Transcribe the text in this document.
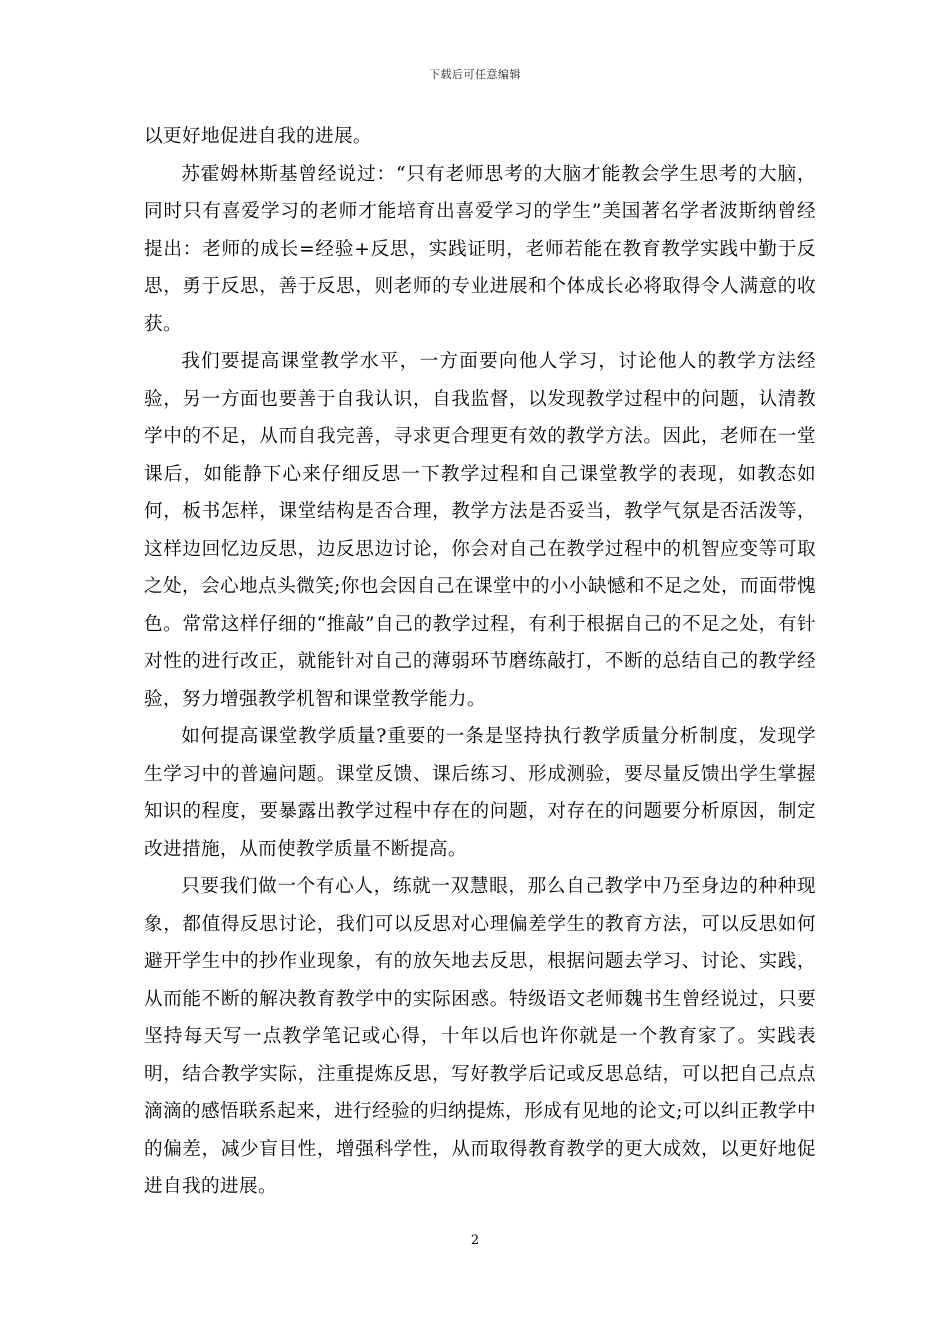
下载后可任意编辑

以更好地促进自我的进展。

苏霍姆林斯基曾经说过：“只有老师思考的大脑才能教会学生思考的大脑，同时只有喜爱学习的老师才能培育出喜爱学习的学生”美国著名学者波斯纳曾经提出：老师的成长=经验+反思，实践证明，老师若能在教育教学实践中勤于反思，勇于反思，善于反思，则老师的专业进展和个体成长必将取得令人满意的收获。

我们要提高课堂教学水平，一方面要向他人学习，讨论他人的教学方法经验，另一方面也要善于自我认识，自我监督，以发现教学过程中的问题，认清教学中的不足，从而自我完善，寻求更合理更有效的教学方法。因此，老师在一堂课后，如能静下心来仔细反思一下教学过程和自己课堂教学的表现，如教态如何，板书怎样，课堂结构是否合理，教学方法是否妥当，教学气氛是否活泼等，这样边回忆边反思，边反思边讨论，你会对自己在教学过程中的机智应变等可取之处，会心地点头微笑;你也会因自己在课堂中的小小缺憾和不足之处，而面带愧色。常常这样仔细的“推敲”自己的教学过程，有利于根据自己的不足之处，有针对性的进行改正，就能针对自己的薄弱环节磨练敲打，不断的总结自己的教学经验，努力增强教学机智和课堂教学能力。

如何提高课堂教学质量?重要的一条是坚持执行教学质量分析制度，发现学生学习中的普遍问题。课堂反馈、课后练习、形成测验，要尽量反馈出学生掌握知识的程度，要暴露出教学过程中存在的问题，对存在的问题要分析原因，制定改进措施，从而使教学质量不断提高。

只要我们做一个有心人，练就一双慧眼，那么自己教学中乃至身边的种种现象，都值得反思讨论，我们可以反思对心理偏差学生的教育方法，可以反思如何避开学生中的抄作业现象，有的放矢地去反思，根据问题去学习、讨论、实践，从而能不断的解决教育教学中的实际困惑。特级语文老师魏书生曾经说过，只要坚持每天写一点教学笔记或心得，十年以后也许你就是一个教育家了。实践表明，结合教学实际，注重提炼反思，写好教学后记或反思总结，可以把自己点点滴滴的感悟联系起来，进行经验的归纳提炼，形成有见地的论文;可以纠正教学中的偏差，减少盲目性，增强科学性，从而取得教育教学的更大成效，以更好地促进自我的进展。

2
